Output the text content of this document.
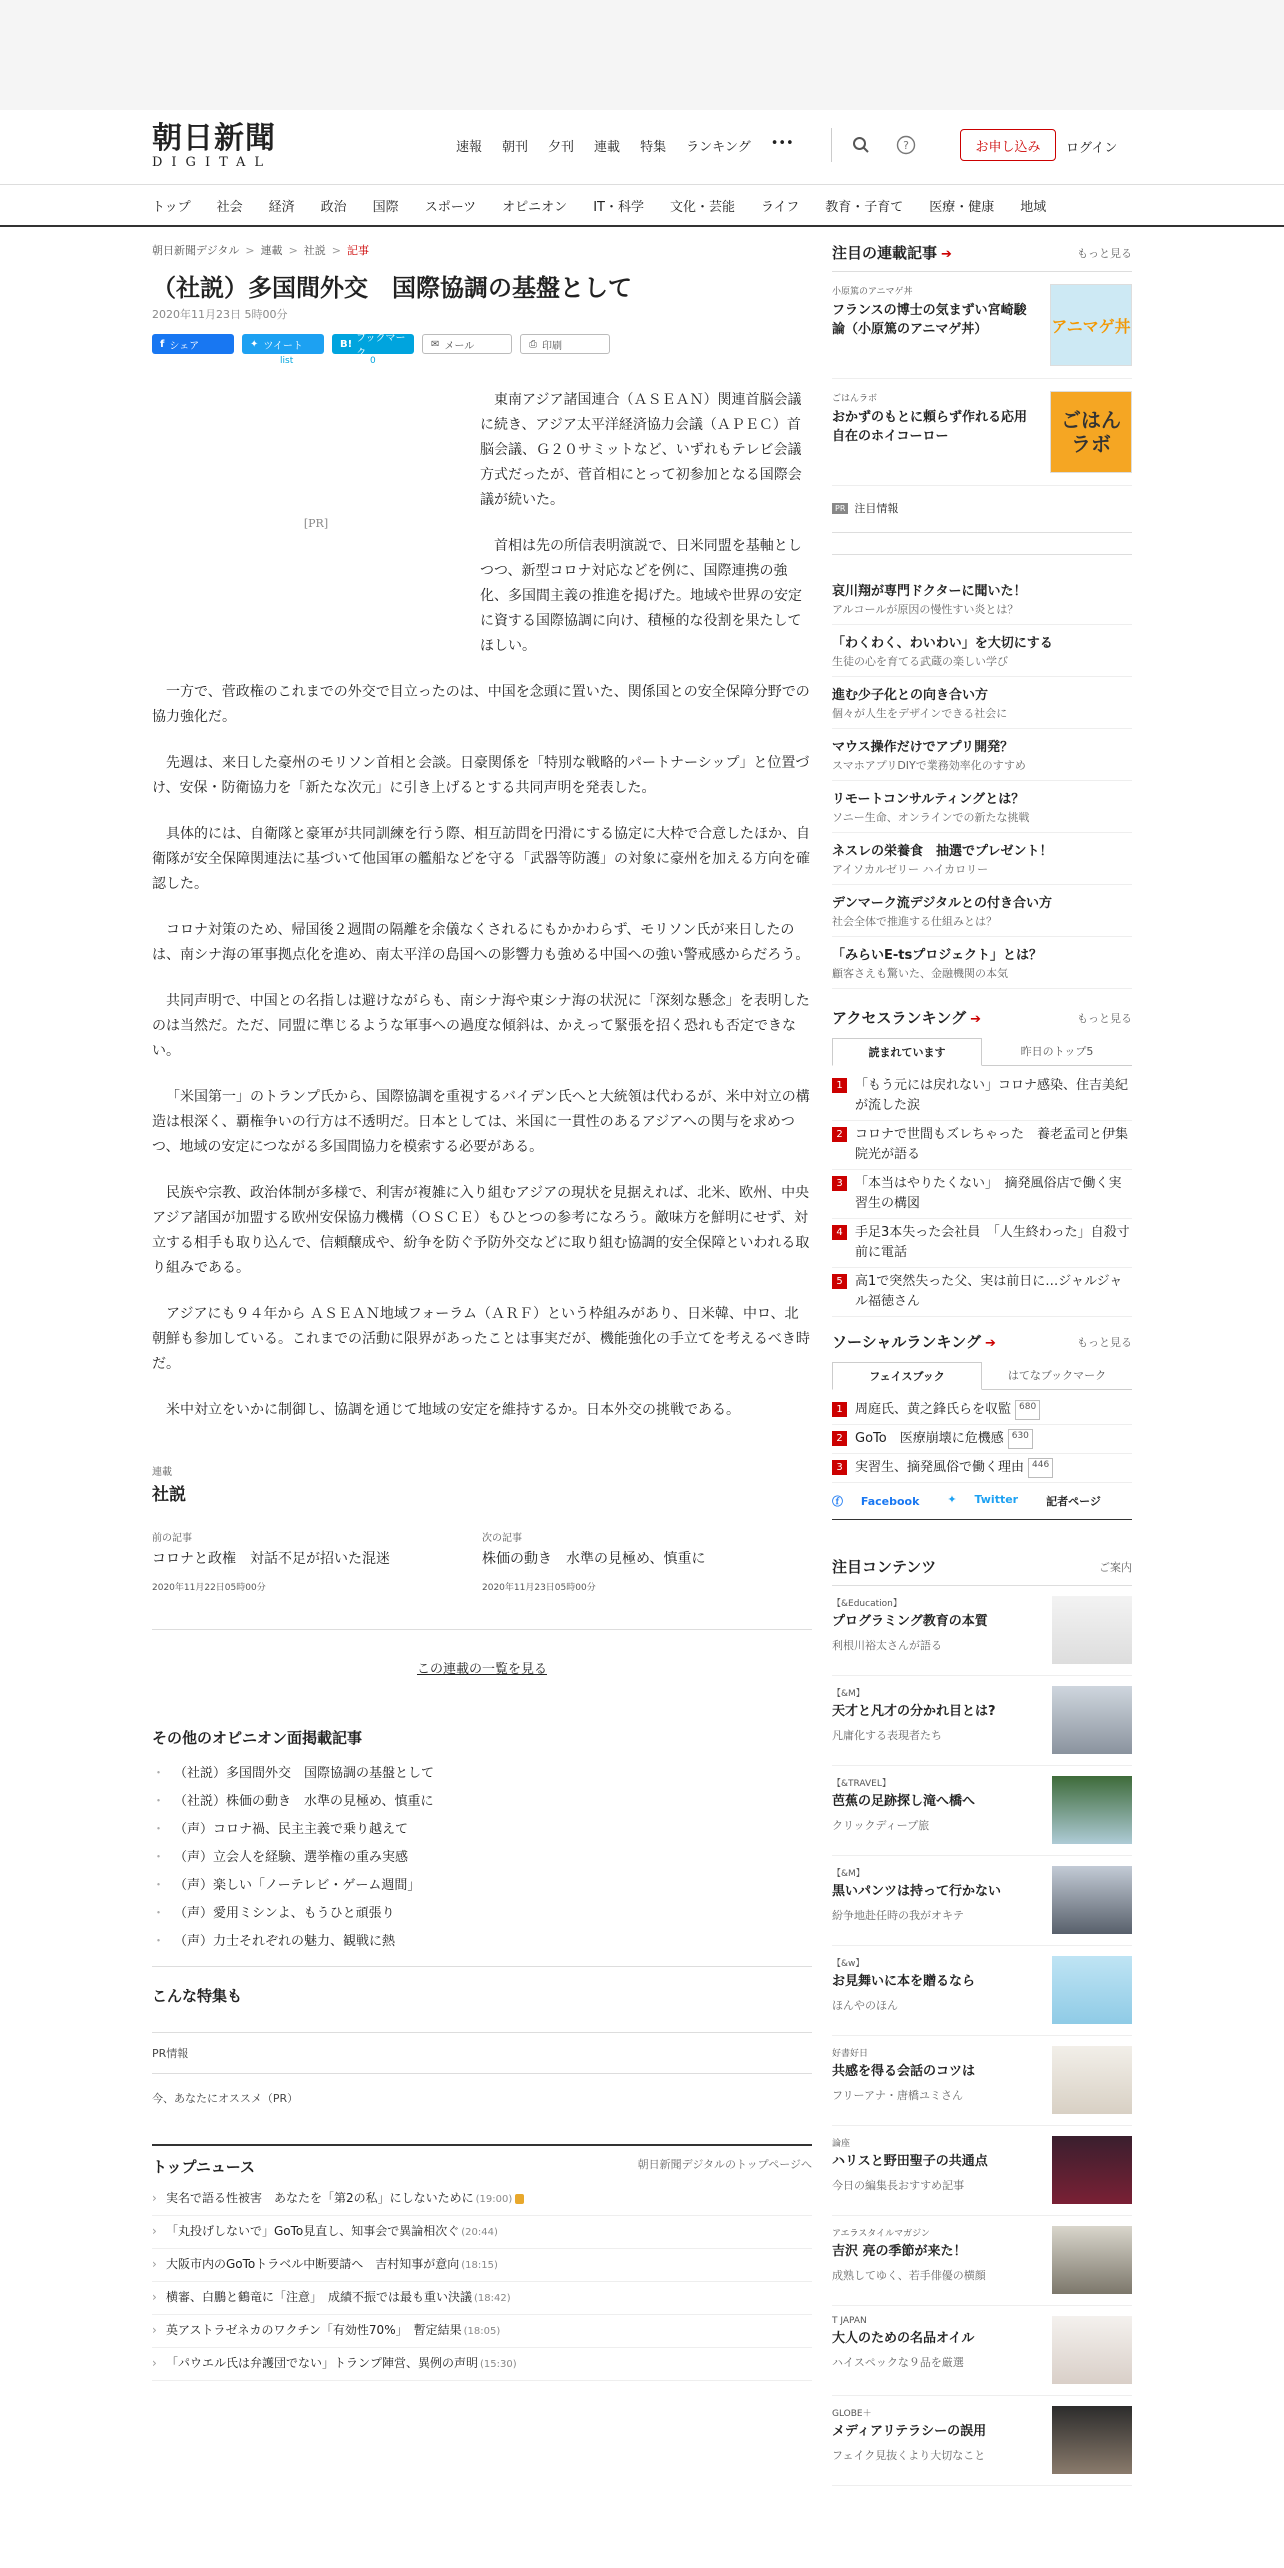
朝日新聞
DIGITAL
速報 朝刊 夕刊 連載 特集 ランキング •••	?	お申し込み	ログイン
トップ 社会 経済 政治 国際 スポーツ オピニオン IT・科学 文化・芸能 ライフ 教育・子育て 医療・健康 地域
朝日新聞デジタル > 連載 > 社説 > 記事
（社説）多国間外交　国際協調の基盤として
2020年11月23日 5時00分
f シェア	✦ ツイート
list
B! ブックマーク
0
✉ メール	⎙ 印刷
[PR]

東南アジア諸国連合（ＡＳＥＡＮ）関連首脳会議に続き、アジア太平洋経済協力会議（ＡＰＥＣ）首脳会議、Ｇ２０サミットなど、いずれもテレビ会議方式だったが、菅首相にとって初参加となる国際会議が続いた。

首相は先の所信表明演説で、日米同盟を基軸としつつ、新型コロナ対応などを例に、国際連携の強化、多国間主義の推進を掲げた。地域や世界の安定に資する国際協調に向け、積極的な役割を果たしてほしい。

一方で、菅政権のこれまでの外交で目立ったのは、中国を念頭に置いた、関係国との安全保障分野での協力強化だ。

先週は、来日した豪州のモリソン首相と会談。日豪関係を「特別な戦略的パートナーシップ」と位置づけ、安保・防衛協力を「新たな次元」に引き上げるとする共同声明を発表した。

具体的には、自衛隊と豪軍が共同訓練を行う際、相互訪問を円滑にする協定に大枠で合意したほか、自衛隊が安全保障関連法に基づいて他国軍の艦船などを守る「武器等防護」の対象に豪州を加える方向を確認した。

コロナ対策のため、帰国後２週間の隔離を余儀なくされるにもかかわらず、モリソン氏が来日したのは、南シナ海の軍事拠点化を進め、南太平洋の島国への影響力も強める中国への強い警戒感からだろう。

共同声明で、中国との名指しは避けながらも、南シナ海や東シナ海の状況に「深刻な懸念」を表明したのは当然だ。ただ、同盟に準じるような軍事への過度な傾斜は、かえって緊張を招く恐れも否定できない。

「米国第一」のトランプ氏から、国際協調を重視するバイデン氏へと大統領は代わるが、米中対立の構造は根深く、覇権争いの行方は不透明だ。日本としては、米国に一貫性のあるアジアへの関与を求めつつ、地域の安定につながる多国間協力を模索する必要がある。

民族や宗教、政治体制が多様で、利害が複雑に入り組むアジアの現状を見据えれば、北米、欧州、中央アジア諸国が加盟する欧州安保協力機構（ＯＳＣＥ）もひとつの参考になろう。敵味方を鮮明にせず、対立する相手も取り込んで、信頼醸成や、紛争を防ぐ予防外交などに取り組む協調的安全保障といわれる取り組みである。

アジアにも９４年から ＡＳＥＡＮ地域フォーラム（ＡＲＦ）という枠組みがあり、日米韓、中ロ、北朝鮮も参加している。これまでの活動に限界があったことは事実だが、機能強化の手立てを考えるべき時だ。

米中対立をいかに制御し、協調を通じて地域の安定を維持するか。日本外交の挑戦である。

連載
社説
前の記事
コロナと政権　対話不足が招いた混迷
2020年11月22日05時00分
次の記事
株価の動き　水準の見極め、慎重に
2020年11月23日05時00分
この連載の一覧を見る
その他のオピニオン面掲載記事
・ （社説）多国間外交　国際協調の基盤として
・ （社説）株価の動き　水準の見極め、慎重に
・ （声）コロナ禍、民主主義で乗り越えて
・ （声）立会人を経験、選挙権の重み実感
・ （声）楽しい「ノーテレビ・ゲーム週間」
・ （声）愛用ミシンよ、もうひと頑張り
・ （声）力士それぞれの魅力、観戦に熱
こんな特集も
PR情報
今、あなたにオススメ（PR）
トップニュース	朝日新聞デジタルのトップページへ
› 実名で語る性被害　あなたを「第2の私」にしないために (19:00)
› 「丸投げしないで」GoTo見直し、知事会で異論相次ぐ (20:44)
› 大阪市内のGoToトラベル中断要請へ　吉村知事が意向 (18:15)
› 横審、白鵬と鶴竜に「注意」　成績不振では最も重い決議 (18:42)
› 英アストラゼネカのワクチン「有効性70%」　暫定結果 (18:05)
› 「パウエル氏は弁護団でない」トランプ陣営、異例の声明 (15:30)
注目の連載記事 ➔	もっと見る
小原篤のアニマゲ丼
フランスの博士の気まずい宮崎駿論（小原篤のアニマゲ丼）	アニマゲ丼
ごはんラボ
おかずのもとに頼らず作れる応用自在のホイコーロー
ごはん
ラボ
PR 注目情報
哀川翔が専門ドクターに聞いた！
アルコールが原因の慢性すい炎とは？
「わくわく、わいわい」を大切にする
生徒の心を育てる武蔵の楽しい学び
進む少子化との向き合い方
個々が人生をデザインできる社会に
マウス操作だけでアプリ開発？
スマホアプリDIYで業務効率化のすすめ
リモートコンサルティングとは？
ソニー生命、オンラインでの新たな挑戦
ネスレの栄養食　抽選でプレゼント！
アイソカルゼリー ハイカロリー
デンマーク流デジタルとの付き合い方
社会全体で推進する仕組みとは？
「みらいE-tsプロジェクト」とは？
顧客さえも驚いた、金融機関の本気
アクセスランキング ➔	もっと見る
読まれています	昨日のトップ5
1 「もう元には戻れない」コロナ感染、住吉美紀が流した涙
2 コロナで世間もズレちゃった　養老孟司と伊集院光が語る
3 「本当はやりたくない」　摘発風俗店で働く実習生の構図
4 手足3本失った会社員　「人生終わった」自殺寸前に電話
5 高1で突然失った父、実は前日に…ジャルジャル福徳さん
ソーシャルランキング ➔	もっと見る
フェイスブック	はてなブックマーク
1 周庭氏、黄之鋒氏らを収監 680
2 GoTo　医療崩壊に危機感 630
3 実習生、摘発風俗で働く理由 446
ⓕ Facebook	✦ Twitter	記者ページ
注目コンテンツ	ご案内
【&Education】
プログラミング教育の本質
利根川裕太さんが語る
【&M】
天才と凡才の分かれ目とは?
凡庸化する表現者たち
【&TRAVEL】
芭蕉の足跡探し滝へ橋へ
クリックディープ旅
【&M】
黒いパンツは持って行かない
紛争地赴任時の我がオキテ
【&w】
お見舞いに本を贈るなら
ほんやのほん
好書好日
共感を得る会話のコツは
フリーアナ・唐橋ユミさん
論座
ハリスと野田聖子の共通点
今日の編集長おすすめ記事
アエラスタイルマガジン
吉沢 亮の季節が来た！
成熟してゆく、若手俳優の横顔
T JAPAN
大人のための名品オイル
ハイスペックな９品を厳選
GLOBE＋
メディアリテラシーの誤用
フェイク見抜くより大切なこと
